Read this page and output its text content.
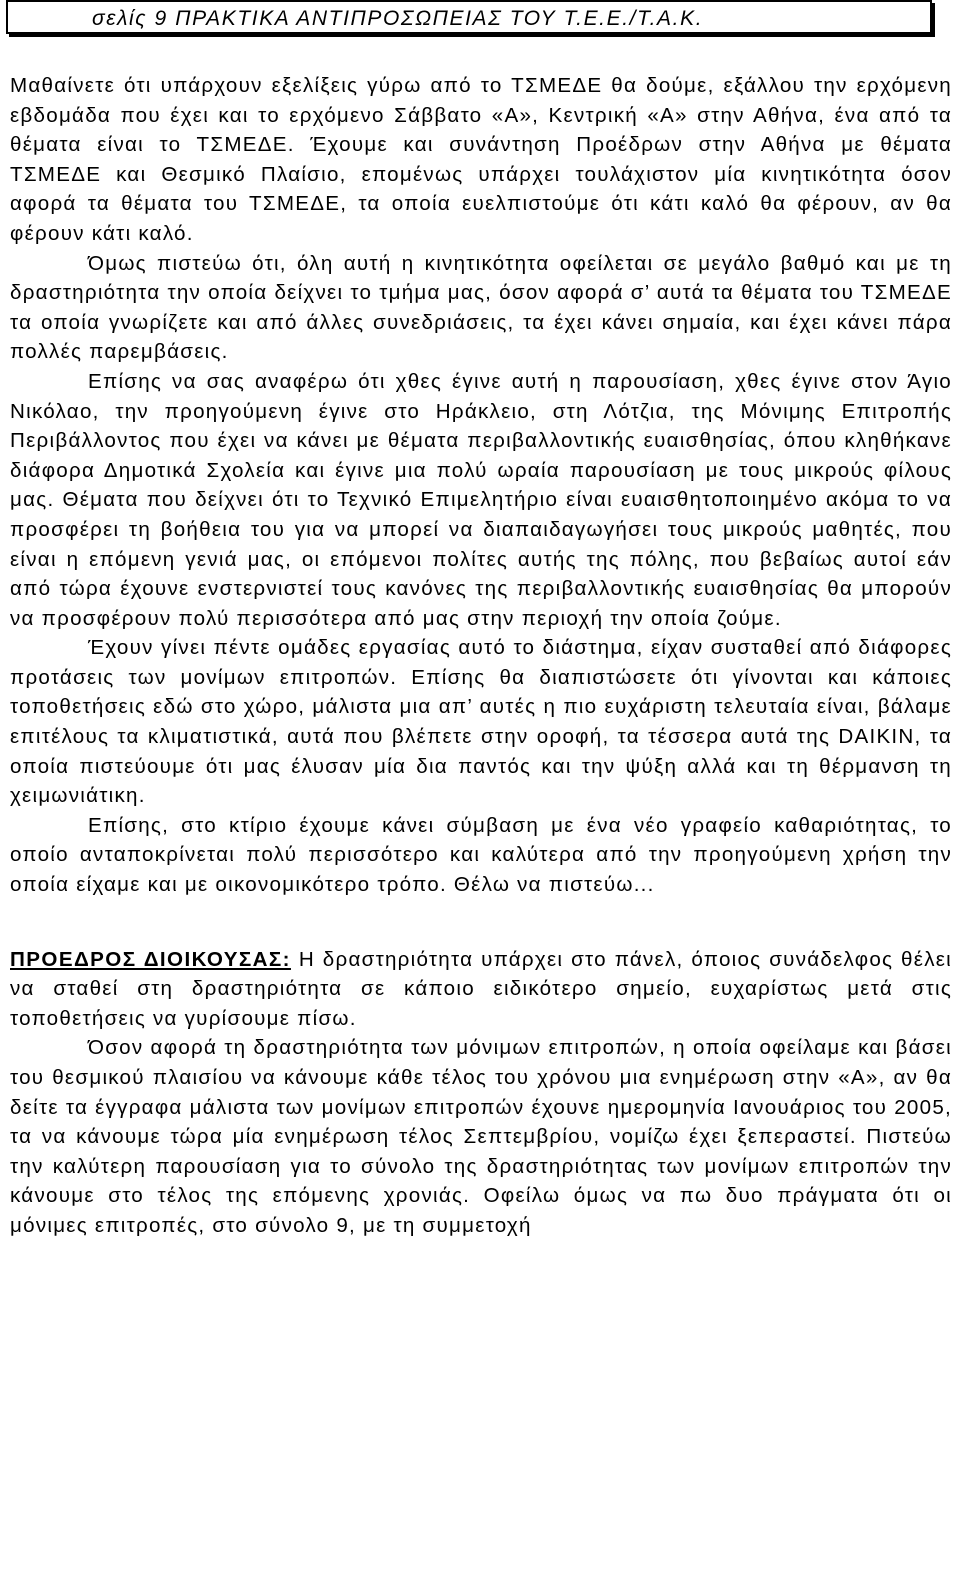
σελίς 9 ΠΡΑΚΤΙΚΑ ΑΝΤΙΠΡΟΣΩΠΕΙΑΣ ΤΟΥ Τ.Ε.Ε./Τ.Α.Κ.

Μαθαίνετε ότι υπάρχουν εξελίξεις γύρω από το ΤΣΜΕΔΕ θα δούμε, εξάλλου την ερχόμενη εβδομάδα που έχει και το ερχόμενο Σάββατο «Α», Κεντρική «Α» στην Αθήνα, ένα από τα θέματα είναι το ΤΣΜΕΔΕ. Έχουμε και συνάντηση Προέδρων στην Αθήνα με θέματα ΤΣΜΕΔΕ και Θεσμικό Πλαίσιο, επομένως υπάρχει τουλάχιστον μία κινητικότητα όσον αφορά τα θέματα του ΤΣΜΕΔΕ, τα οποία ευελπιστούμε ότι κάτι καλό θα φέρουν, αν θα φέρουν κάτι καλό.

Όμως πιστεύω ότι, όλη αυτή η κινητικότητα οφείλεται σε μεγάλο βαθμό και με τη δραστηριότητα την οποία δείχνει το τμήμα μας, όσον αφορά σ’ αυτά τα θέματα του ΤΣΜΕΔΕ τα οποία γνωρίζετε και από άλλες συνεδριάσεις, τα έχει κάνει σημαία, και έχει κάνει πάρα πολλές παρεμβάσεις.

Επίσης να σας αναφέρω ότι χθες έγινε αυτή η παρουσίαση, χθες έγινε στον Άγιο Νικόλαο, την προηγούμενη έγινε στο Ηράκλειο, στη Λότζια, της Μόνιμης Επιτροπής Περιβάλλοντος που έχει να κάνει με θέματα περιβαλλοντικής ευαισθησίας, όπου κληθήκανε διάφορα Δημοτικά Σχολεία και έγινε μια πολύ ωραία παρουσίαση με τους μικρούς φίλους μας. Θέματα που δείχνει ότι το Τεχνικό Επιμελητήριο είναι ευαισθητοποιημένο ακόμα το να προσφέρει τη βοήθεια του για να μπορεί να διαπαιδαγωγήσει τους μικρούς μαθητές, που είναι η επόμενη γενιά μας, οι επόμενοι πολίτες αυτής της πόλης, που βεβαίως αυτοί εάν από τώρα έχουνε ενστερνιστεί τους κανόνες της περιβαλλοντικής ευαισθησίας θα μπορούν να προσφέρουν πολύ περισσότερα από μας στην περιοχή την οποία ζούμε.

Έχουν γίνει πέντε ομάδες εργασίας αυτό το διάστημα, είχαν συσταθεί από διάφορες προτάσεις των μονίμων επιτροπών. Επίσης θα διαπιστώσετε ότι γίνονται και κάποιες τοποθετήσεις εδώ στο χώρο, μάλιστα μια απ’ αυτές η πιο ευχάριστη τελευταία είναι, βάλαμε επιτέλους τα κλιματιστικά, αυτά που βλέπετε στην οροφή, τα τέσσερα αυτά της DAIKIN, τα οποία πιστεύουμε ότι μας έλυσαν μία δια παντός και την ψύξη αλλά και τη θέρμανση τη χειμωνιάτικη.

Επίσης, στο κτίριο έχουμε κάνει σύμβαση με ένα νέο γραφείο καθαριότητας, το οποίο ανταποκρίνεται πολύ περισσότερο και καλύτερα από την προηγούμενη χρήση την οποία είχαμε και με οικονομικότερο τρόπο. Θέλω να πιστεύω...

ΠΡΟΕΔΡΟΣ ΔΙΟΙΚΟΥΣΑΣ: Η δραστηριότητα υπάρχει στο πάνελ, όποιος συνάδελφος θέλει να σταθεί στη δραστηριότητα σε κάποιο ειδικότερο σημείο, ευχαρίστως μετά στις τοποθετήσεις να γυρίσουμε πίσω.

Όσον αφορά τη δραστηριότητα των μόνιμων επιτροπών, η οποία οφείλαμε και βάσει του θεσμικού πλαισίου να κάνουμε κάθε τέλος του χρόνου μια ενημέρωση στην «Α», αν θα δείτε τα έγγραφα μάλιστα των μονίμων επιτροπών έχουνε ημερομηνία Ιανουάριος του 2005, τα να κάνουμε τώρα μία ενημέρωση τέλος Σεπτεμβρίου, νομίζω έχει ξεπεραστεί. Πιστεύω την καλύτερη παρουσίαση για το σύνολο της δραστηριότητας των μονίμων επιτροπών την κάνουμε στο τέλος της επόμενης χρονιάς. Οφείλω όμως να πω δυο πράγματα ότι οι μόνιμες επιτροπές, στο σύνολο 9, με τη συμμετοχή
